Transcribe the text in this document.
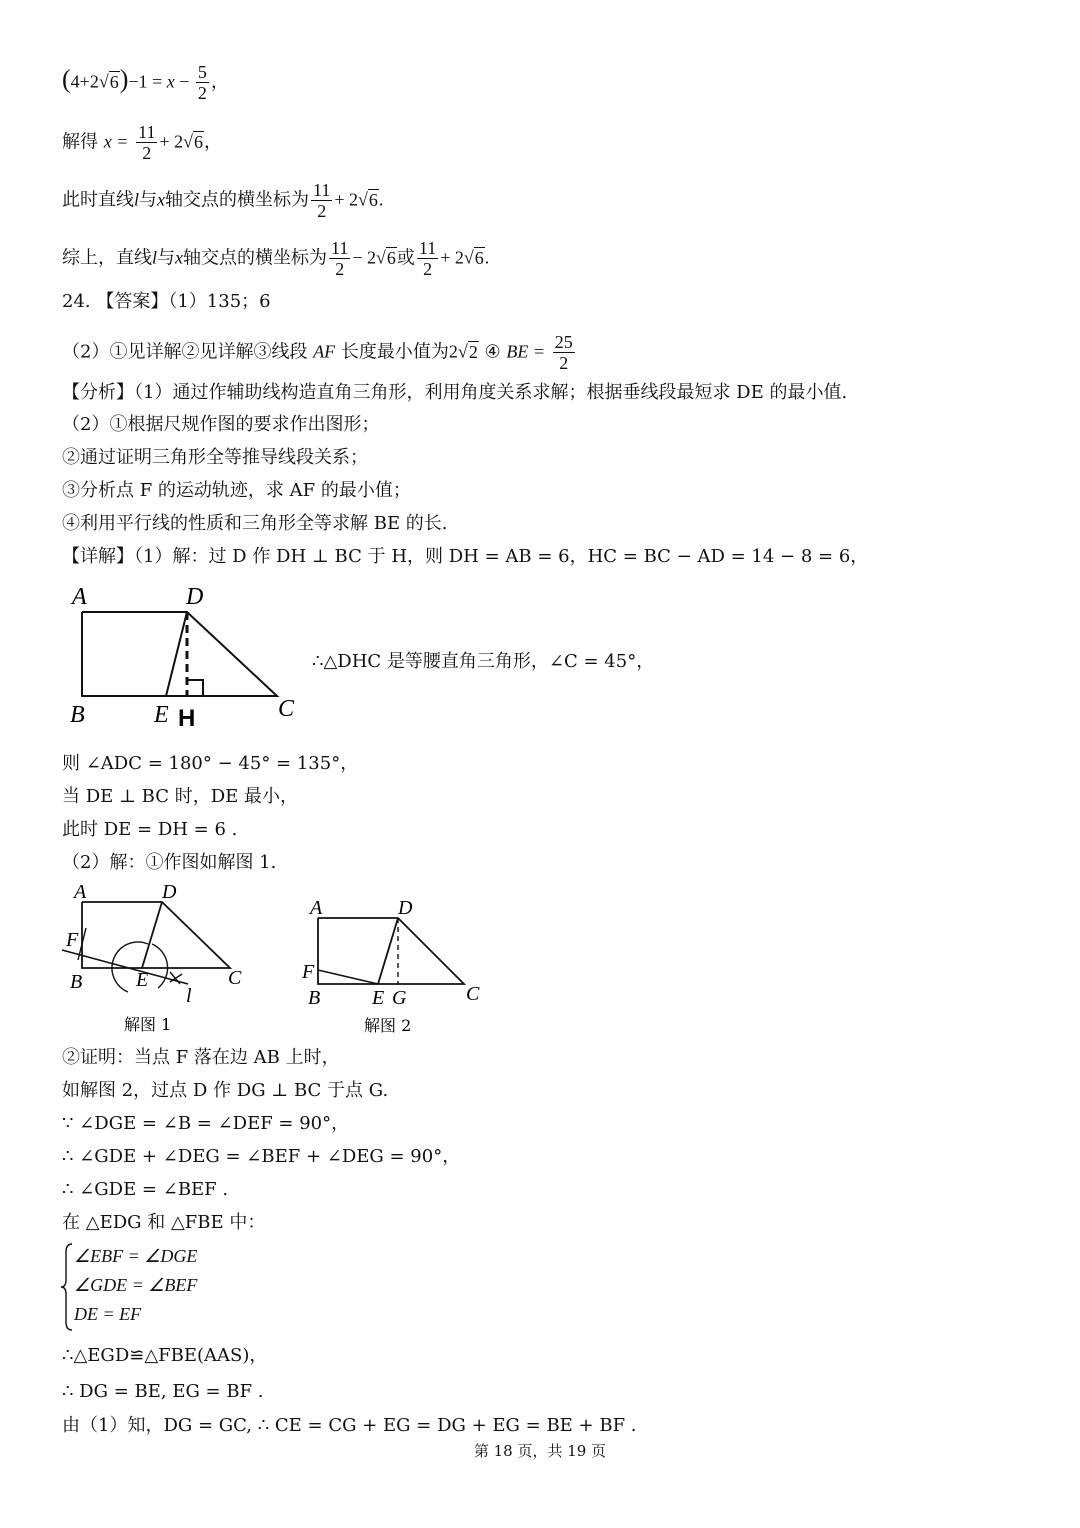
$(4+2√6)-1 = x - \frac{5}{2}$ ，
解得 $x = \frac{11}{2} + 2√6$，
此时直线l与x轴交点的横坐标为 $\frac{11}{2} + 2√6$.
综上，直线l与x轴交点的横坐标为 $\frac{11}{2} - 2√6$或 $\frac{11}{2} + 2√6$.
24. 【答案】（1）135；6
（2）①见详解②见详解③线段 AF 长度最小值为2√2 ④ BE = $\frac{25}{2}$
【分析】（1）通过作辅助线构造直角三角形，利用角度关系求解；根据垂线段最短求 DE 的最小值.
（2）①根据尺规作图的要求作出图形；
②通过证明三角形全等推导线段关系；
③分析点 F 的运动轨迹，求 AF 的最小值；
④利用平行线的性质和三角形全等求解 BE 的长.
【详解】（1）解：过 D 作 DH ⊥ BC 于 H，则 DH = AB = 6，HC = BC − AD = 14 − 8 = 6，
A	D
B	E H	C
∴△DHC 是等腰直角三角形，∠C = 45°，
则 ∠ADC = 180° − 45° = 135°，
当 DE ⊥ BC 时，DE 最小，
此时 DE = DH = 6 .
（2）解：①作图如解图 1.
A	D
F
B	E	C
l
解图 1
A	D
F
B	E G	C
解图 2
②证明：当点 F 落在边 AB 上时，
如解图 2，过点 D 作 DG ⊥ BC 于点 G.
∵ ∠DGE = ∠B = ∠DEF = 90°，
∴ ∠GDE + ∠DEG = ∠BEF + ∠DEG = 90°，
∴ ∠GDE = ∠BEF .
在 △EDG 和 △FBE 中：
∠EBF = ∠DGE
∠GDE = ∠BEF
DE = EF
∴△EGD≌△FBE(AAS)，
∴ DG = BE, EG = BF .
由（1）知，DG = GC, ∴ CE = CG + EG = DG + EG = BE + BF .
第 18 页，共 19 页
